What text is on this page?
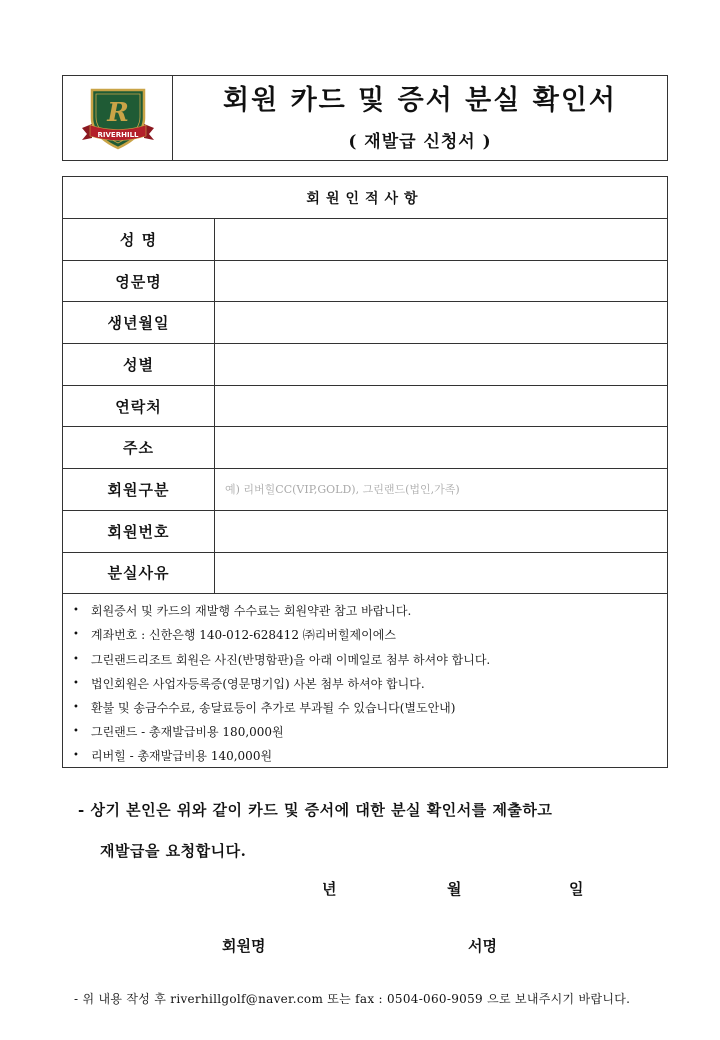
R
RIVERHILL
회원 카드 및 증서 분실 확인서
( 재발급 신청서 )
회원인적사항
성 명
영문명
생년월일
성별
연락처
주소
회원구분	예) 리버힐CC(VIP,GOLD), 그린랜드(법인,가족)
회원번호
분실사유
•	회원증서 및 카드의 재발행 수수료는 회원약관 참고 바랍니다.
•	계좌번호 : 신한은행 140-012-628412 ㈜리버힐제이에스
•	그린랜드리조트 회원은 사진(반명함판)을 아래 이메일로 첨부 하셔야 합니다.
•	법인회원은 사업자등록증(영문명기입) 사본 첨부 하셔야 합니다.
•	환불 및 송금수수료, 송달료등이 추가로 부과될 수 있습니다(별도안내)
•	그린랜드 - 총재발급비용 180,000원
•	리버힐 - 총재발급비용 140,000원
- 상기 본인은 위와 같이 카드 및 증서에 대한 분실 확인서를 제출하고
재발급을 요청합니다.
년	월	일
회원명	서명
- 위 내용 작성 후 riverhillgolf@naver.com 또는 fax : 0504-060-9059 으로 보내주시기 바랍니다.
